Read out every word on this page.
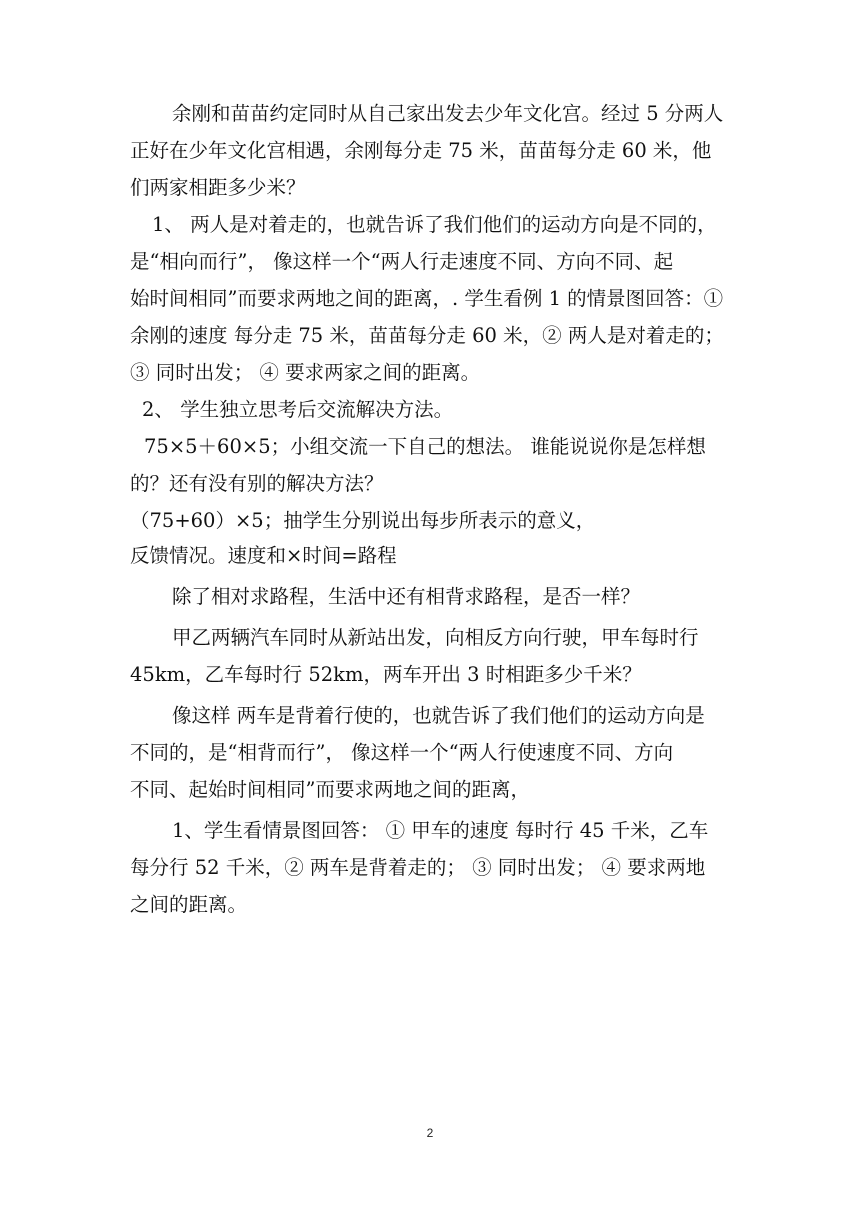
余刚和苗苗约定同时从自己家出发去少年文化宫。经过 5 分两人
正好在少年文化宫相遇，余刚每分走 75 米，苗苗每分走 60 米，他
们两家相距多少米？
1、 两人是对着走的，也就告诉了我们他们的运动方向是不同的，
是“相向而行”， 像这样一个“两人行走速度不同、方向不同、起
始时间相同”而要求两地之间的距离，. 学生看例 1 的情景图回答：①
余刚的速度 每分走 75 米，苗苗每分走 60 米，② 两人是对着走的；
③ 同时出发； ④ 要求两家之间的距离。
2、 学生独立思考后交流解决方法。
75×5＋60×5；小组交流一下自己的想法。 谁能说说你是怎样想
的？还有没有别的解决方法？
（75+60）×5；抽学生分别说出每步所表示的意义，
反馈情况。速度和×时间=路程
除了相对求路程，生活中还有相背求路程，是否一样？
甲乙两辆汽车同时从新站出发，向相反方向行驶，甲车每时行
45km，乙车每时行 52km，两车开出 3 时相距多少千米？
像这样 两车是背着行使的，也就告诉了我们他们的运动方向是
不同的，是“相背而行”， 像这样一个“两人行使速度不同、方向
不同、起始时间相同”而要求两地之间的距离，
1、学生看情景图回答： ① 甲车的速度 每时行 45 千米，乙车
每分行 52 千米，② 两车是背着走的； ③ 同时出发； ④ 要求两地
之间的距离。
2
